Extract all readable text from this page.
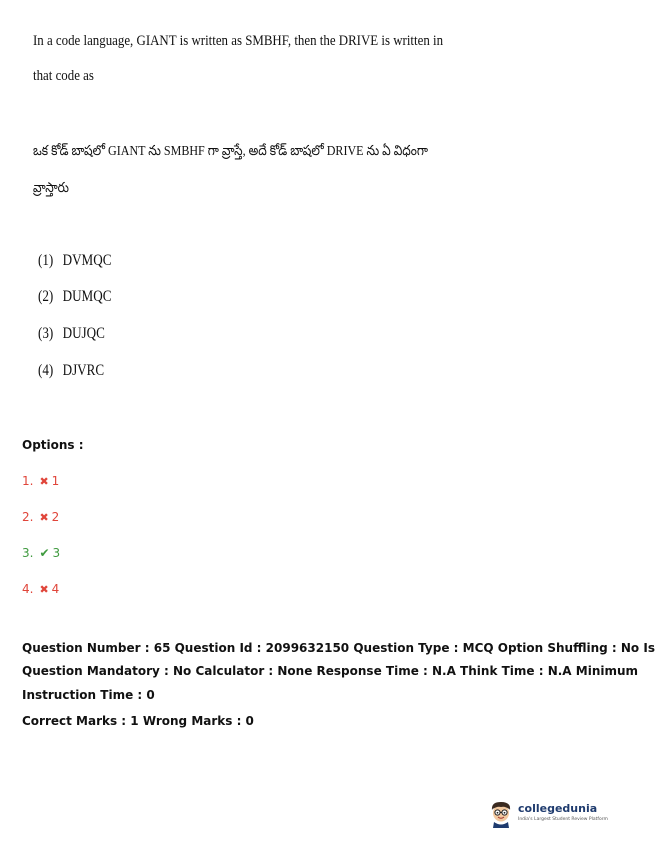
In a code language, GIANT is written as SMBHF, then the DRIVE is written in
that code as
ఒక కోడ్ బాషలో GIANT ను SMBHF గా వ్రాస్తే, అదే కోడ్ బాషలో DRIVE ను ఏ విధంగా
వ్రాస్తారు
(1) DVMQC
(2) DUMQC
(3) DUJQC
(4) DJVRC
Options :
1. ✖ 1
2. ✖ 2
3. ✔ 3
4. ✖ 4
Question Number : 65 Question Id : 2099632150 Question Type : MCQ Option Shuffling : No Is
Question Mandatory : No Calculator : None Response Time : N.A Think Time : N.A Minimum
Instruction Time : 0
Correct Marks : 1 Wrong Marks : 0
collegedunia
India's Largest Student Review Platform
